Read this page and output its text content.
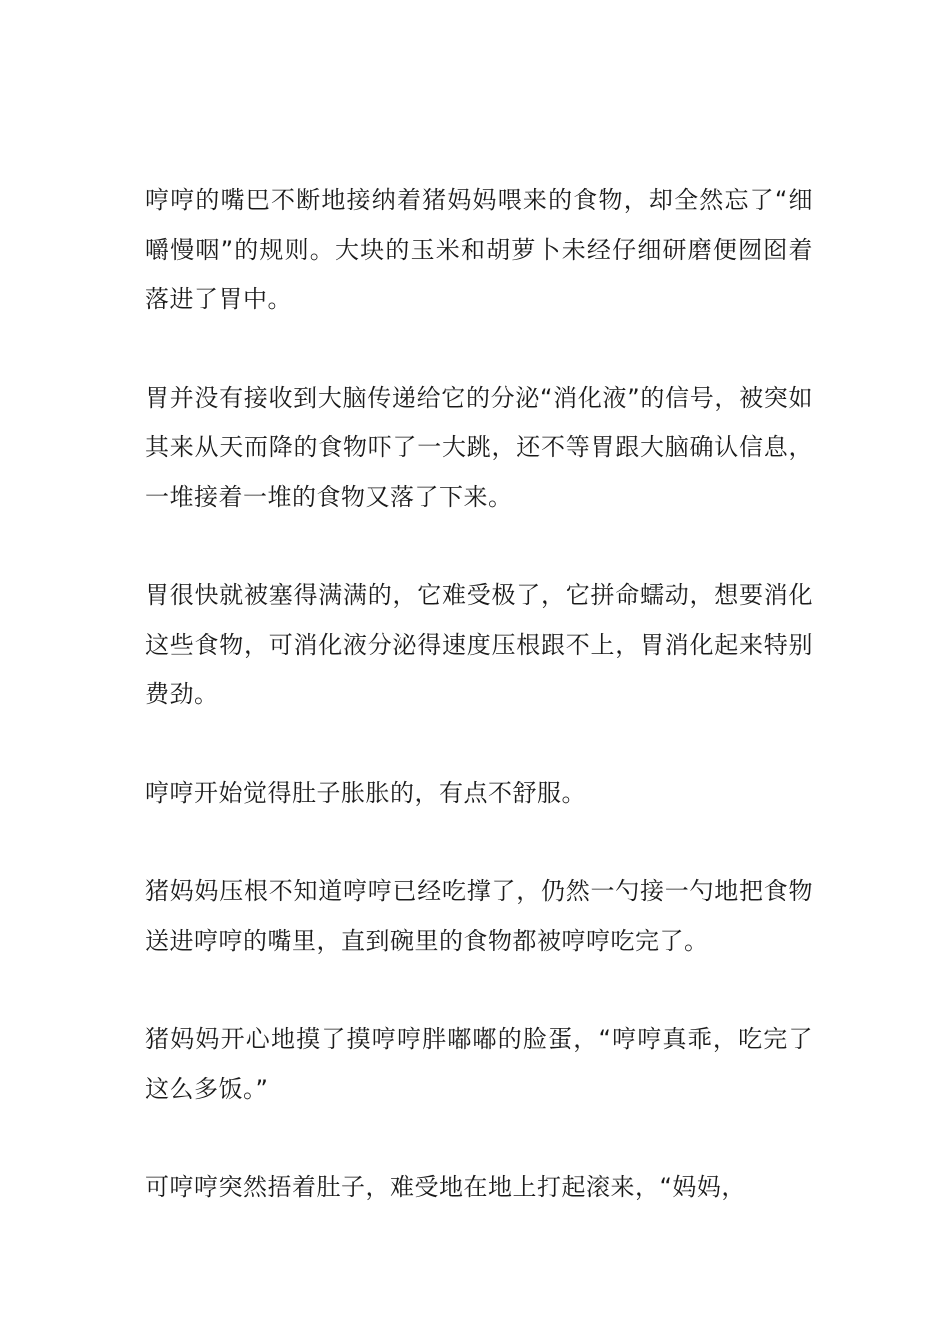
哼哼的嘴巴不断地接纳着猪妈妈喂来的食物，却全然忘了“细嚼慢咽”的规则。大块的玉米和胡萝卜未经仔细研磨便囫囵着落进了胃中。

胃并没有接收到大脑传递给它的分泌“消化液”的信号，被突如其来从天而降的食物吓了一大跳，还不等胃跟大脑确认信息，一堆接着一堆的食物又落了下来。

胃很快就被塞得满满的，它难受极了，它拼命蠕动，想要消化这些食物，可消化液分泌得速度压根跟不上，胃消化起来特别费劲。

哼哼开始觉得肚子胀胀的，有点不舒服。

猪妈妈压根不知道哼哼已经吃撑了，仍然一勺接一勺地把食物送进哼哼的嘴里，直到碗里的食物都被哼哼吃完了。

猪妈妈开心地摸了摸哼哼胖嘟嘟的脸蛋，“哼哼真乖，吃完了这么多饭。”

可哼哼突然捂着肚子，难受地在地上打起滚来，“妈妈，
